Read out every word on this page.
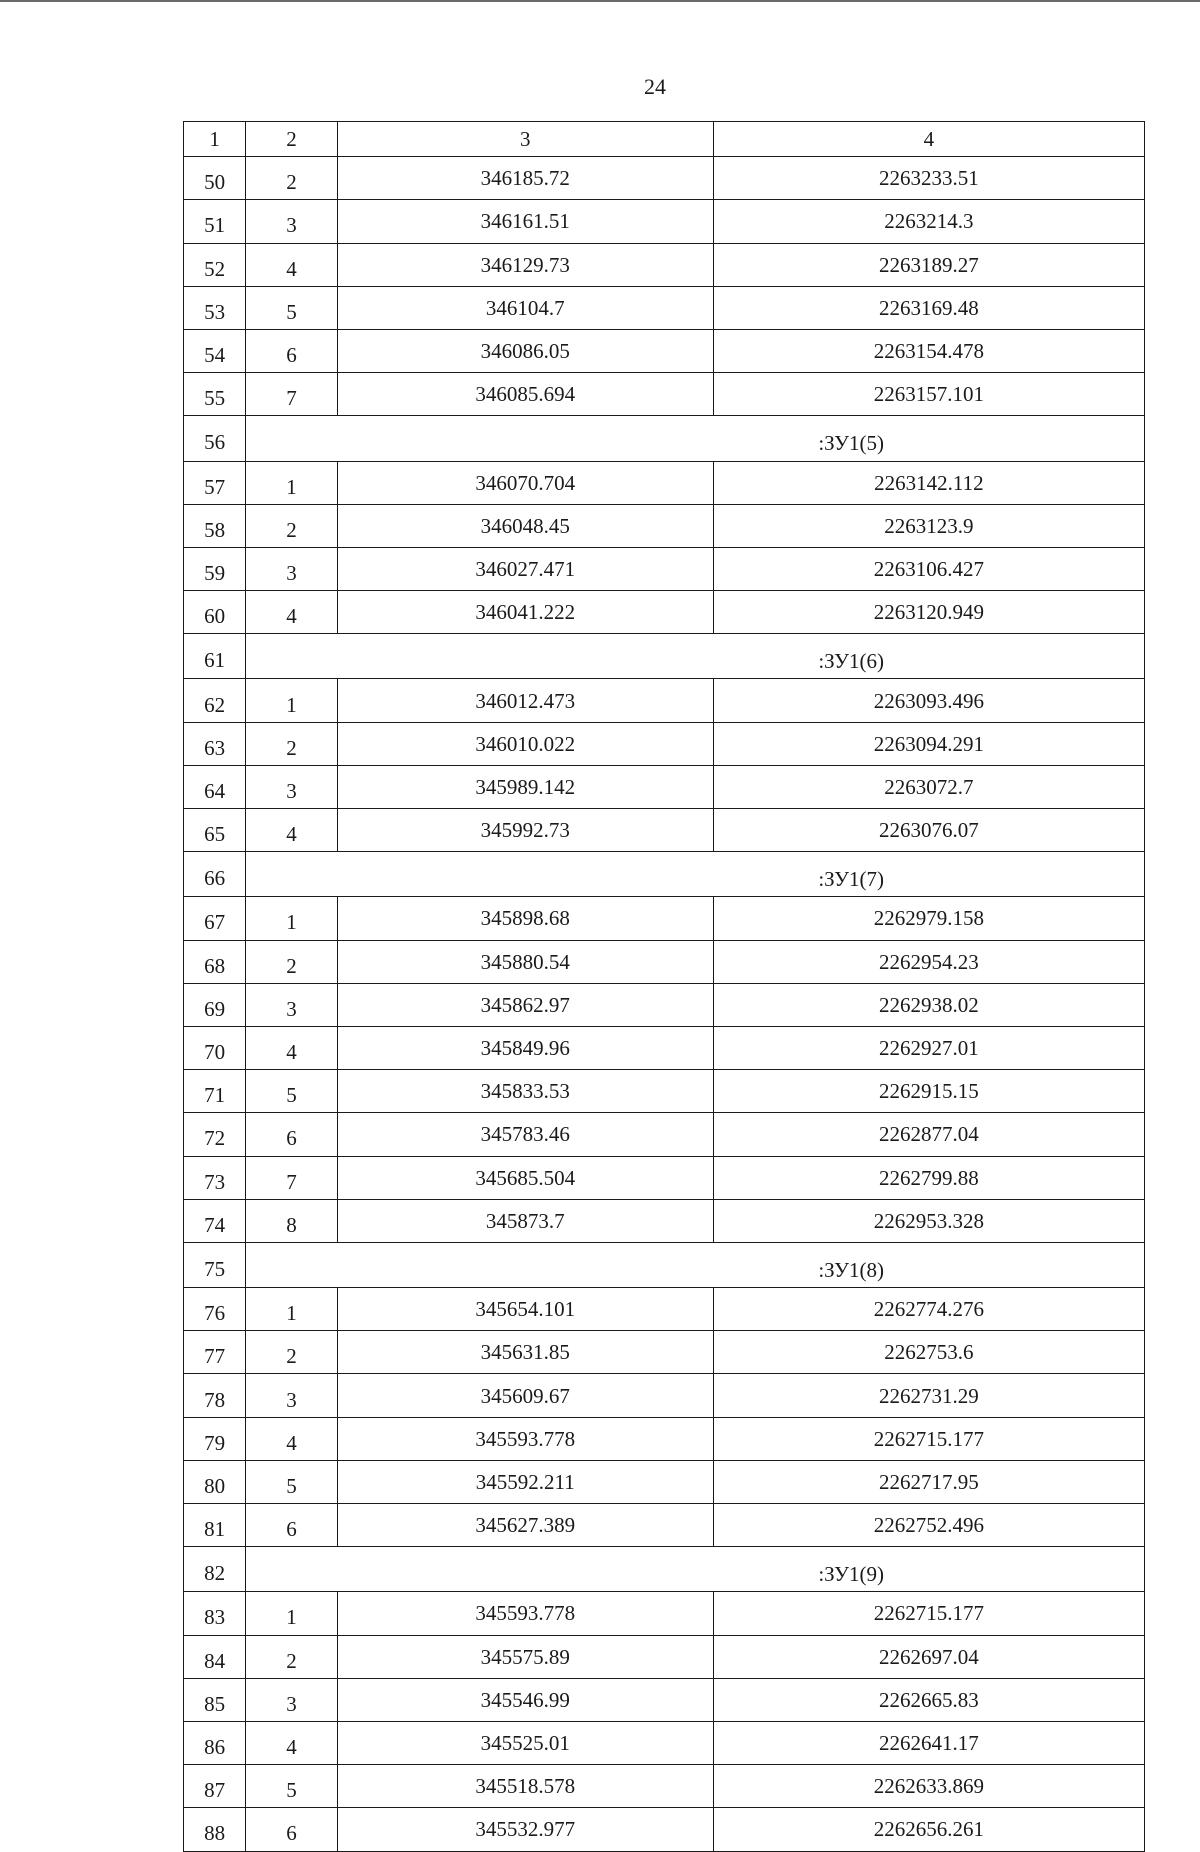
24
1	2	3	4
50	2	346185.72	2263233.51
51	3	346161.51	2263214.3
52	4	346129.73	2263189.27
53	5	346104.7	2263169.48
54	6	346086.05	2263154.478
55	7	346085.694	2263157.101
56	:ЗУ1(5)		
57	1	346070.704	2263142.112
58	2	346048.45	2263123.9
59	3	346027.471	2263106.427
60	4	346041.222	2263120.949
61	:ЗУ1(6)		
62	1	346012.473	2263093.496
63	2	346010.022	2263094.291
64	3	345989.142	2263072.7
65	4	345992.73	2263076.07
66	:ЗУ1(7)		
67	1	345898.68	2262979.158
68	2	345880.54	2262954.23
69	3	345862.97	2262938.02
70	4	345849.96	2262927.01
71	5	345833.53	2262915.15
72	6	345783.46	2262877.04
73	7	345685.504	2262799.88
74	8	345873.7	2262953.328
75	:ЗУ1(8)		
76	1	345654.101	2262774.276
77	2	345631.85	2262753.6
78	3	345609.67	2262731.29
79	4	345593.778	2262715.177
80	5	345592.211	2262717.95
81	6	345627.389	2262752.496
82	:ЗУ1(9)		
83	1	345593.778	2262715.177
84	2	345575.89	2262697.04
85	3	345546.99	2262665.83
86	4	345525.01	2262641.17
87	5	345518.578	2262633.869
88	6	345532.977	2262656.261
